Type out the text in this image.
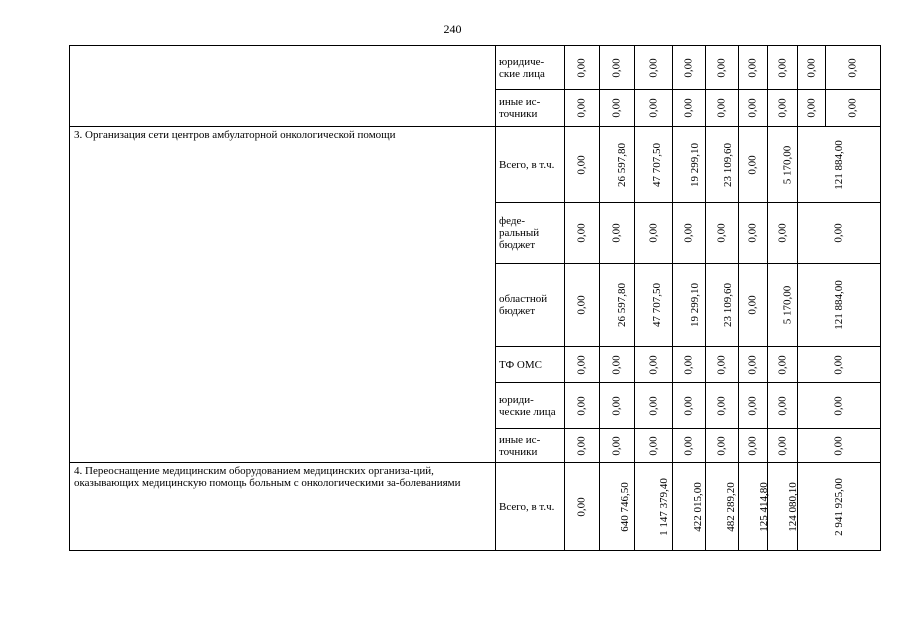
240
	юридиче-ские лица	0,00	0,00	0,00	0,00	0,00	0,00	0,00	0,00	0,00
	иные ис-точники	0,00	0,00	0,00	0,00	0,00	0,00	0,00	0,00	0,00
3. Организация сети центров амбулаторной онкологической помощи	Всего, в т.ч.	0,00	26 597,80	47 707,50	19 299,10	23 109,60	0,00	5 170,00	121 884,00	
	феде-ральный бюджет	0,00	0,00	0,00	0,00	0,00	0,00	0,00	0,00	
	областной бюджет	0,00	26 597,80	47 707,50	19 299,10	23 109,60	0,00	5 170,00	121 884,00	
	ТФ ОМС	0,00	0,00	0,00	0,00	0,00	0,00	0,00	0,00	
	юриди-ческие лица	0,00	0,00	0,00	0,00	0,00	0,00	0,00	0,00	
	иные ис-точники	0,00	0,00	0,00	0,00	0,00	0,00	0,00	0,00	
4. Переоснащение медицинским оборудованием медицинских организа-ций, оказывающих медицинскую помощь больным с онкологическими за-болеваниями	Всего, в т.ч.	0,00	640 746,50	1 147 379,40	422 015,00	482 289,20	125 414,80	124 080,10	2 941 925,00	
